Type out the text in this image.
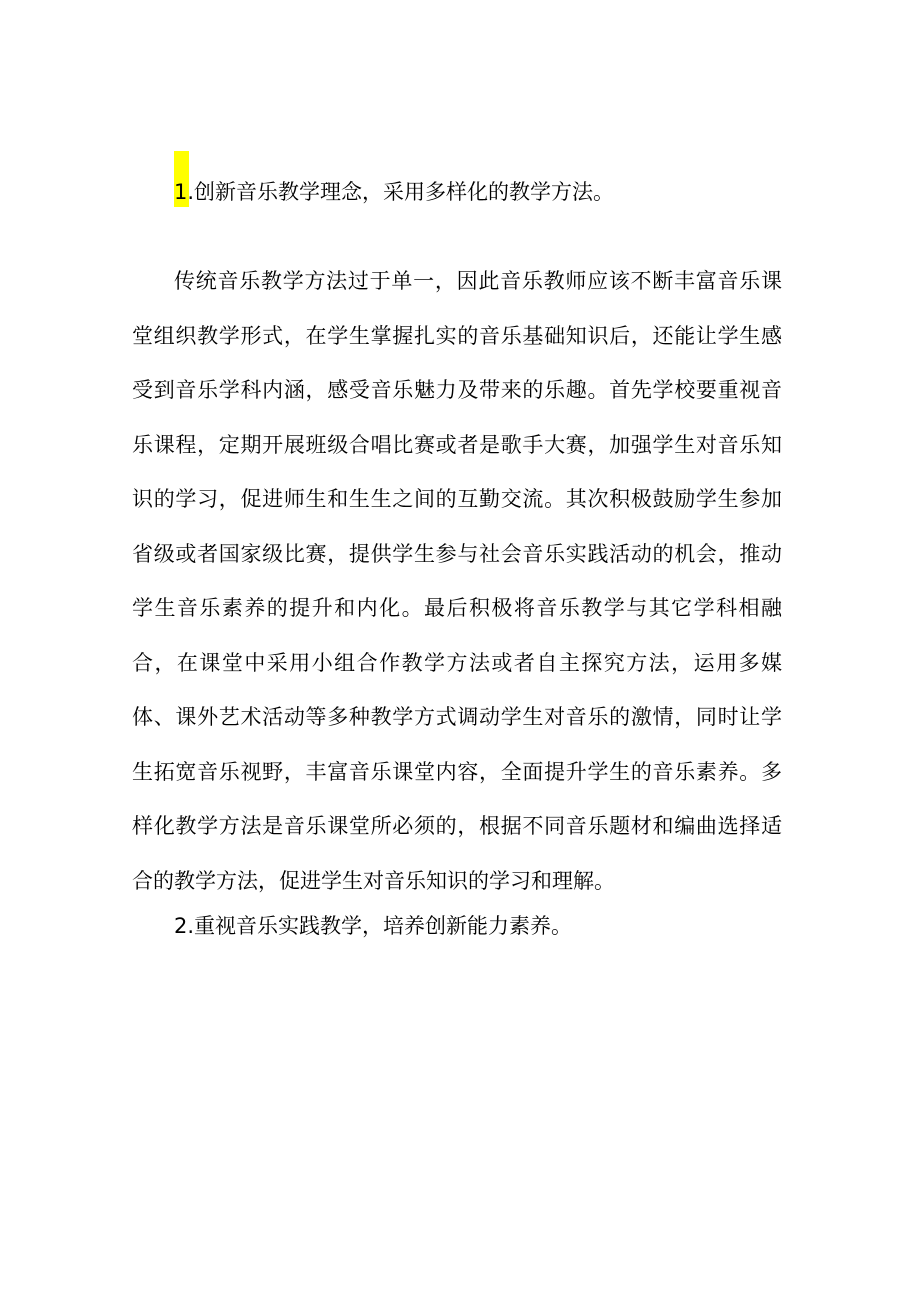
1.创新音乐教学理念，采用多样化的教学方法。

传统音乐教学方法过于单一，因此音乐教师应该不断丰富音乐课堂组织教学形式，在学生掌握扎实的音乐基础知识后，还能让学生感受到音乐学科内涵，感受音乐魅力及带来的乐趣。首先学校要重视音乐课程，定期开展班级合唱比赛或者是歌手大赛，加强学生对音乐知识的学习，促进师生和生生之间的互勤交流。其次积极鼓励学生参加省级或者国家级比赛，提供学生参与社会音乐实践活动的机会，推动学生音乐素养的提升和内化。最后积极将音乐教学与其它学科相融合，在课堂中采用小组合作教学方法或者自主探究方法，运用多媒体、课外艺术活动等多种教学方式调动学生对音乐的激情，同时让学生拓宽音乐视野，丰富音乐课堂内容，全面提升学生的音乐素养。多样化教学方法是音乐课堂所必须的，根据不同音乐题材和编曲选择适合的教学方法，促进学生对音乐知识的学习和理解。

2.重视音乐实践教学，培养创新能力素养。
